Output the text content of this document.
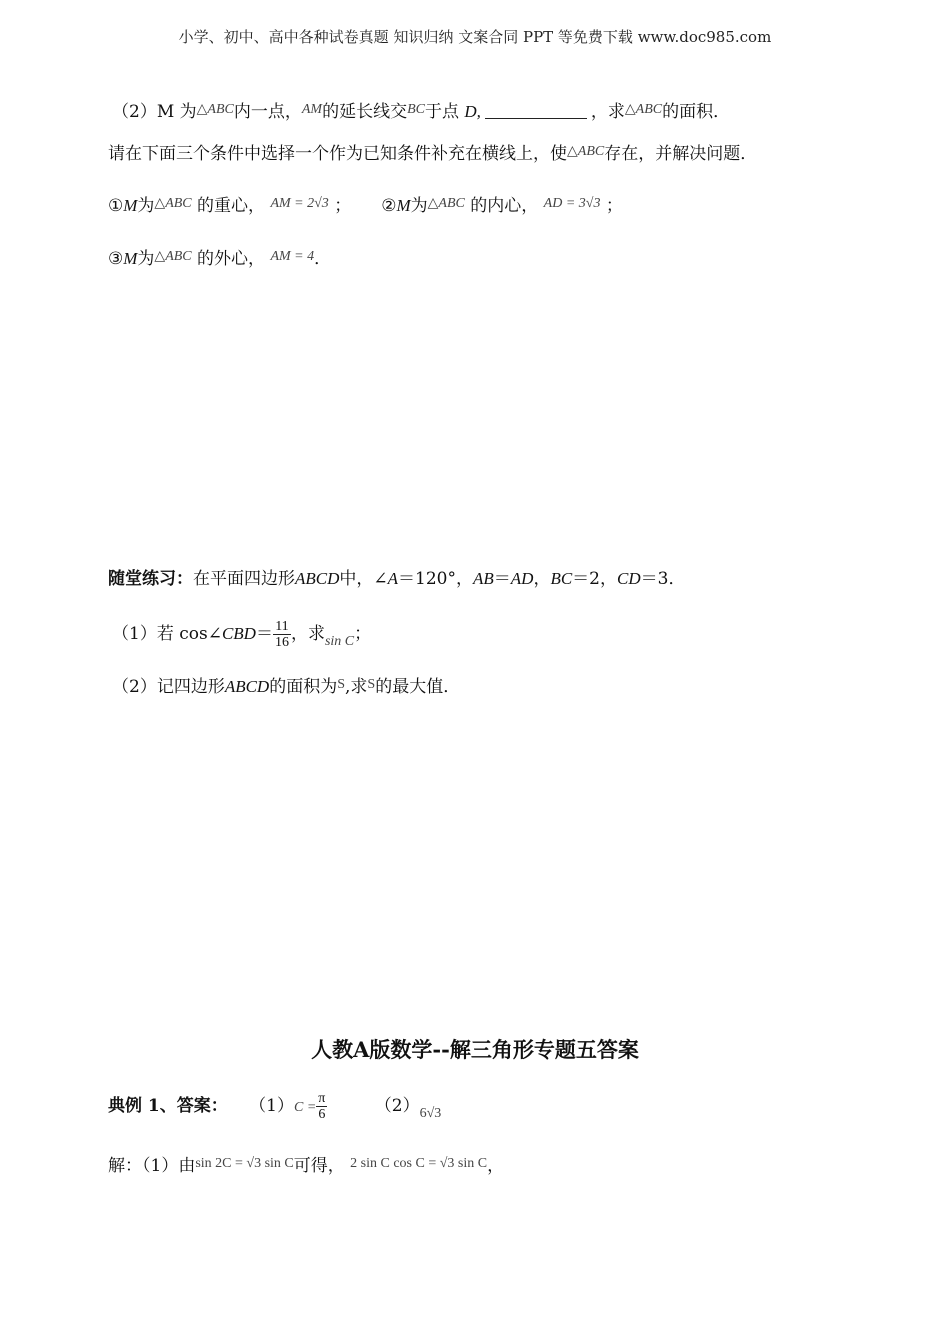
小学、初中、高中各种试卷真题 知识归纳 文案合同 PPT 等免费下载 www.doc985.com
（2）M 为$^{\triangle ABC}$内一点，$^{AM}$的延长线交$^{BC}$于点 D,	，求$^{\triangle ABC}$的面积．
请在下面三个条件中选择一个作为已知条件补充在横线上，使$^{\triangle ABC}$存在，并解决问题．
①M为$^{\triangle ABC}$ 的重心， $^{AM = 2√3}$ ； ②M为$^{\triangle ABC}$ 的内心， $^{AD = 3√3}$ ；
③M为$^{\triangle ABC}$ 的外心， $^{AM = 4}$．
随堂练习：在平面四边形ABCD中，∠A＝120°，AB＝AD，BC＝2，CD＝3．
（1）若 cos∠CBD＝ $\frac{11}{16}$ ，求$_{sin C}$；
（2）记四边形ABCD的面积为$^S$,求$^S$的最大值．
人教A版数学--解三角形专题五答案
典例 1、答案： $(1)C = \frac{\pi}{6}$	$(2)_{6√3}$
解：（1）由$^{sin 2C = √3 sin C}$可得， $^{2 sin C cos C = √3 sin C}$，
